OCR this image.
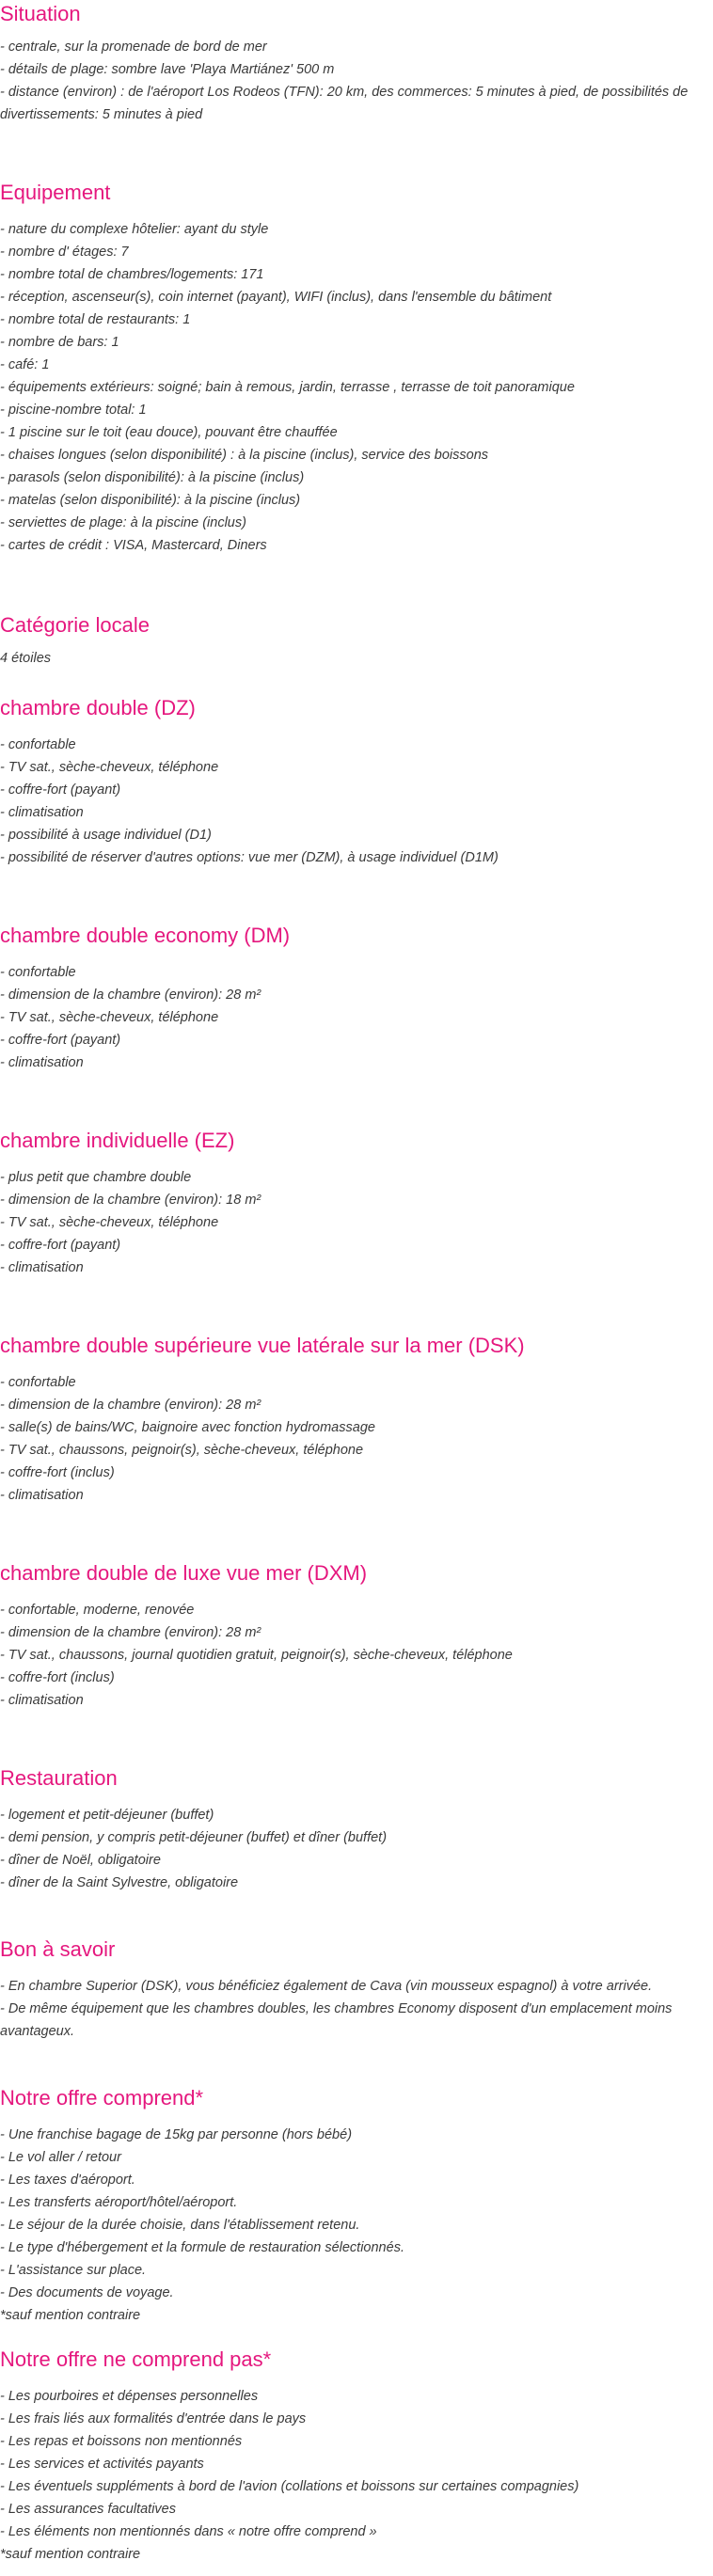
Situation

- centrale, sur la promenade de bord de mer

- détails de plage: sombre lave 'Playa Martiánez' 500 m

- distance (environ) : de l'aéroport Los Rodeos (TFN): 20 km, des commerces: 5 minutes à pied, de possibilités de

divertissements: 5 minutes à pied

Equipement

- nature du complexe hôtelier: ayant du style

- nombre d' étages: 7

- nombre total de chambres/logements: 171

- réception, ascenseur(s), coin internet (payant), WIFI (inclus), dans l'ensemble du bâtiment

- nombre total de restaurants: 1

- nombre de bars: 1

- café: 1

- équipements extérieurs: soigné; bain à remous, jardin, terrasse , terrasse de toit panoramique

- piscine-nombre total: 1

- 1 piscine sur le toit (eau douce), pouvant être chauffée

- chaises longues (selon disponibilité) : à la piscine (inclus), service des boissons

- parasols (selon disponibilité): à la piscine (inclus)

- matelas (selon disponibilité): à la piscine (inclus)

- serviettes de plage: à la piscine (inclus)

- cartes de crédit : VISA, Mastercard, Diners

Catégorie locale

4 étoiles

chambre double (DZ)

- confortable

- TV sat., sèche-cheveux, téléphone

- coffre-fort (payant)

- climatisation

- possibilité à usage individuel (D1)

- possibilité de réserver d'autres options: vue mer (DZM), à usage individuel (D1M)

chambre double economy (DM)

- confortable

- dimension de la chambre (environ): 28 m²

- TV sat., sèche-cheveux, téléphone

- coffre-fort (payant)

- climatisation

chambre individuelle (EZ)

- plus petit que chambre double

- dimension de la chambre (environ): 18 m²

- TV sat., sèche-cheveux, téléphone

- coffre-fort (payant)

- climatisation

chambre double supérieure vue latérale sur la mer (DSK)

- confortable

- dimension de la chambre (environ): 28 m²

- salle(s) de bains/WC, baignoire avec fonction hydromassage

- TV sat., chaussons, peignoir(s), sèche-cheveux, téléphone

- coffre-fort (inclus)

- climatisation

chambre double de luxe vue mer (DXM)

- confortable, moderne, renovée

- dimension de la chambre (environ): 28 m²

- TV sat., chaussons, journal quotidien gratuit, peignoir(s), sèche-cheveux, téléphone

- coffre-fort (inclus)

- climatisation

Restauration

- logement et petit-déjeuner (buffet)

- demi pension, y compris petit-déjeuner (buffet) et dîner (buffet)

- dîner de Noël, obligatoire

- dîner de la Saint Sylvestre, obligatoire

Bon à savoir

- En chambre Superior (DSK), vous bénéficiez également de Cava (vin mousseux espagnol) à votre arrivée.

- De même équipement que les chambres doubles, les chambres Economy disposent d'un emplacement moins

avantageux.

Notre offre comprend*

- Une franchise bagage de 15kg par personne (hors bébé)

- Le vol aller / retour

- Les taxes d'aéroport.

- Les transferts aéroport/hôtel/aéroport.

- Le séjour de la durée choisie, dans l'établissement retenu.

- Le type d'hébergement et la formule de restauration sélectionnés.

- L'assistance sur place.

- Des documents de voyage.

*sauf mention contraire

Notre offre ne comprend pas*

- Les pourboires et dépenses personnelles

- Les frais liés aux formalités d'entrée dans le pays

- Les repas et boissons non mentionnés

- Les services et activités payants

- Les éventuels suppléments à bord de l'avion (collations et boissons sur certaines compagnies)

- Les assurances facultatives

- Les éléments non mentionnés dans « notre offre comprend »

*sauf mention contraire
